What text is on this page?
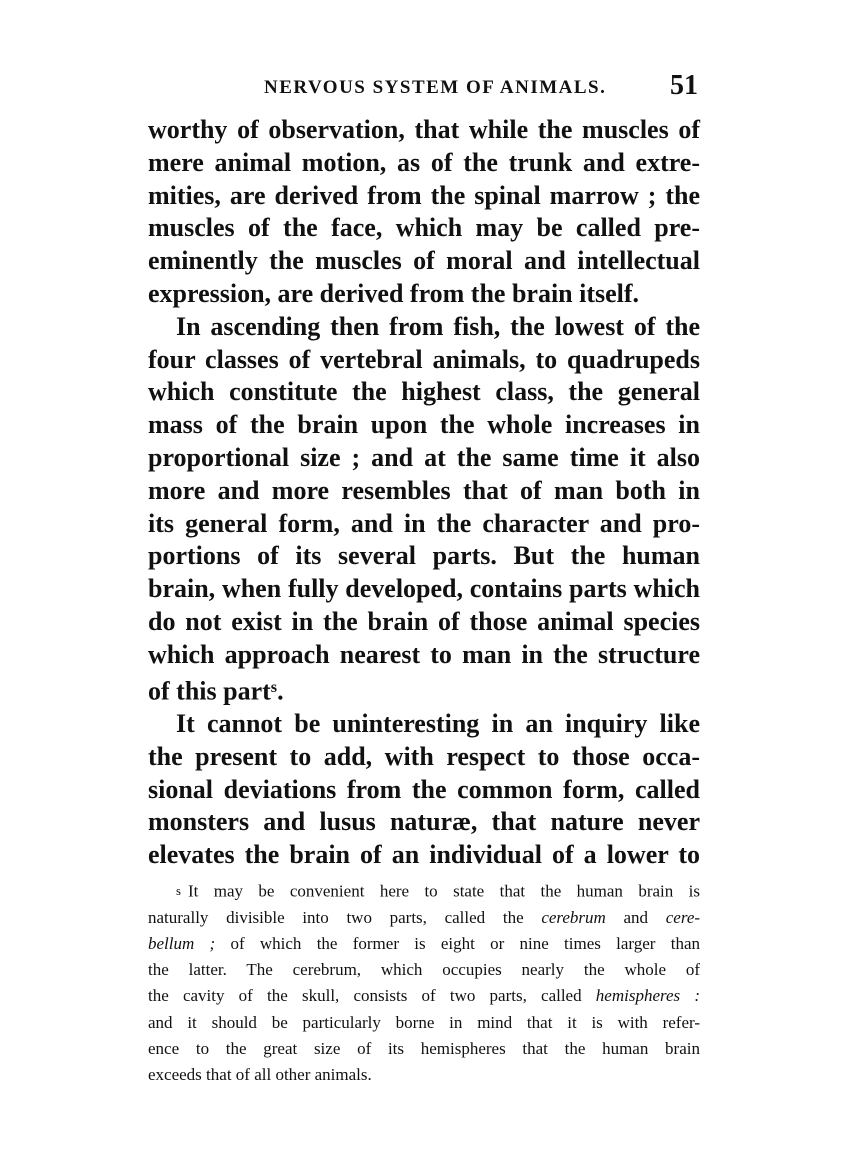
NERVOUS SYSTEM OF ANIMALS. 51
worthy of observation, that while the muscles of
mere animal motion, as of the trunk and extre-
mities, are derived from the spinal marrow ; the
muscles of the face, which may be called pre-
eminently the muscles of moral and intellectual
expression, are derived from the brain itself.
In ascending then from fish, the lowest of the
four classes of vertebral animals, to quadrupeds
which constitute the highest class, the general
mass of the brain upon the whole increases in
proportional size ; and at the same time it also
more and more resembles that of man both in
its general form, and in the character and pro-
portions of its several parts. But the human
brain, when fully developed, contains parts which
do not exist in the brain of those animal species
which approach nearest to man in the structure
of this part$^s$.
It cannot be uninteresting in an inquiry like
the present to add, with respect to those occa-
sional deviations from the common form, called
monsters and lusus naturæ, that nature never
elevates the brain of an individual of a lower to
s It may be convenient here to state that the human brain is
naturally divisible into two parts, called the cerebrum and cere-
bellum ; of which the former is eight or nine times larger than
the latter. The cerebrum, which occupies nearly the whole of
the cavity of the skull, consists of two parts, called hemispheres :
and it should be particularly borne in mind that it is with refer-
ence to the great size of its hemispheres that the human brain
exceeds that of all other animals.
